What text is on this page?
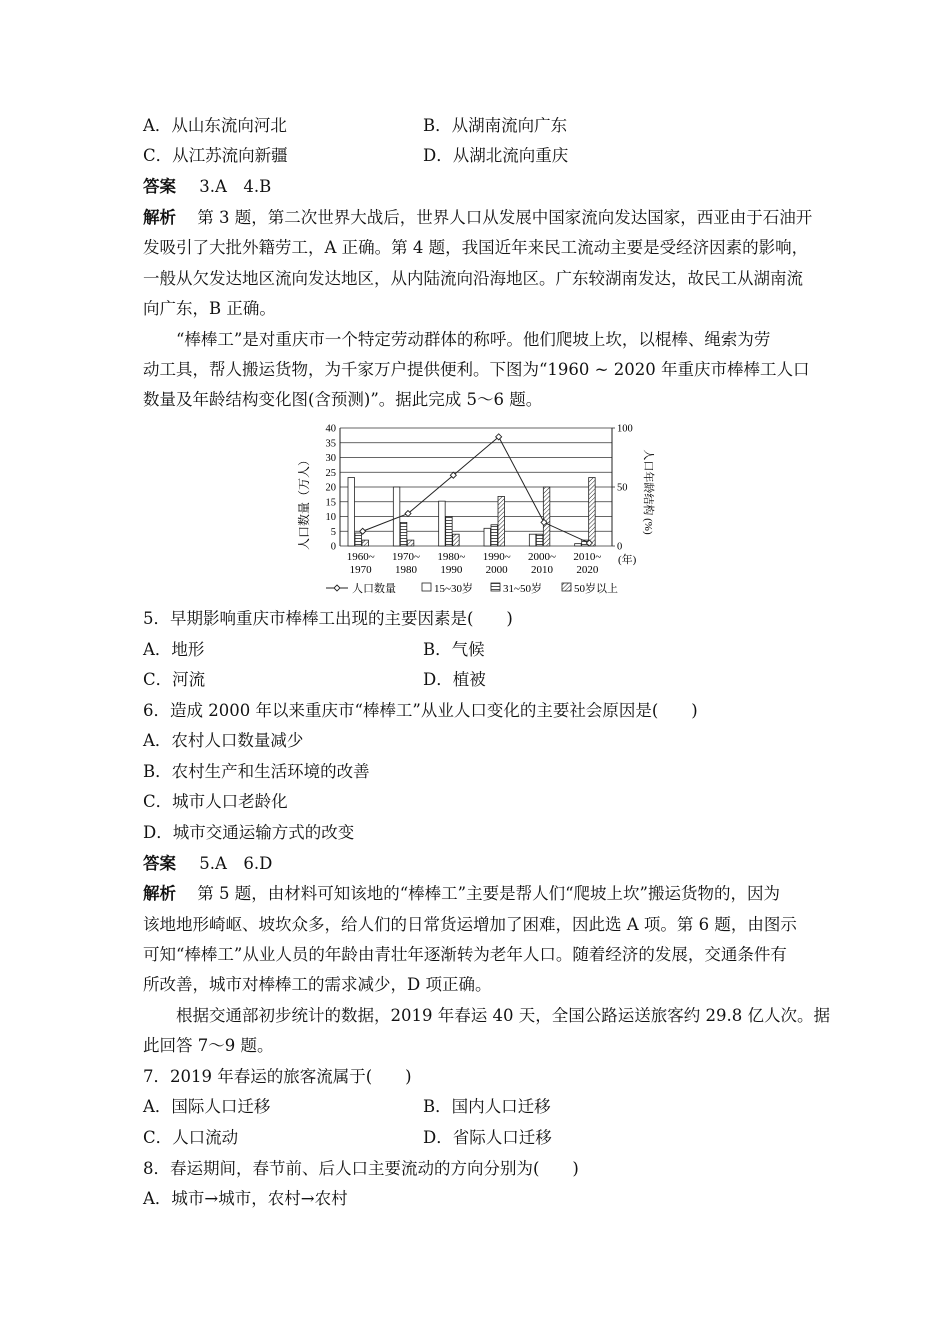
A．从山东流向河北	B．从湖南流向广东
C．从江苏流向新疆	D．从湖北流向重庆
答案 3.A　4.B
解析 第 3 题，第二次世界大战后，世界人口从发展中国家流向发达国家，西亚由于石油开
发吸引了大批外籍劳工，A 正确。第 4 题，我国近年来民工流动主要是受经济因素的影响，
一般从欠发达地区流向发达地区，从内陆流向沿海地区。广东较湖南发达，故民工从湖南流
向广东，B 正确。
“棒棒工”是对重庆市一个特定劳动群体的称呼。他们爬坡上坎，以棍棒、绳索为劳
动工具，帮人搬运货物，为千家万户提供便利。下图为“1960 ~ 2020 年重庆市棒棒工人口
数量及年龄结构变化图(含预测)”。据此完成 5～6 题。
0
5
10
15
20
25
30
35
40
0
50
100
人口数量（万人）	人口年龄结构 (%)
1960~
1970
1970~
1980
1980~
1990
1990~
2000
2000~
2010
2010~
2020
(年)
人口数量	15~30岁	31~50岁	50岁以上
5．早期影响重庆市棒棒工出现的主要因素是(　　)
A．地形	B．气候
C．河流	D．植被
6．造成 2000 年以来重庆市“棒棒工”从业人口变化的主要社会原因是(　　)
A．农村人口数量减少
B．农村生产和生活环境的改善
C．城市人口老龄化
D．城市交通运输方式的改变
答案 5.A　6.D
解析 第 5 题，由材料可知该地的“棒棒工”主要是帮人们“爬坡上坎”搬运货物的，因为
该地地形崎岖、坡坎众多，给人们的日常货运增加了困难，因此选 A 项。第 6 题，由图示
可知“棒棒工”从业人员的年龄由青壮年逐渐转为老年人口。随着经济的发展，交通条件有
所改善，城市对棒棒工的需求减少，D 项正确。
根据交通部初步统计的数据，2019 年春运 40 天，全国公路运送旅客约 29.8 亿人次。据
此回答 7～9 题。
7．2019 年春运的旅客流属于(　　)
A．国际人口迁移	B．国内人口迁移
C．人口流动	D．省际人口迁移
8．春运期间，春节前、后人口主要流动的方向分别为(　　)
A．城市→城市，农村→农村
